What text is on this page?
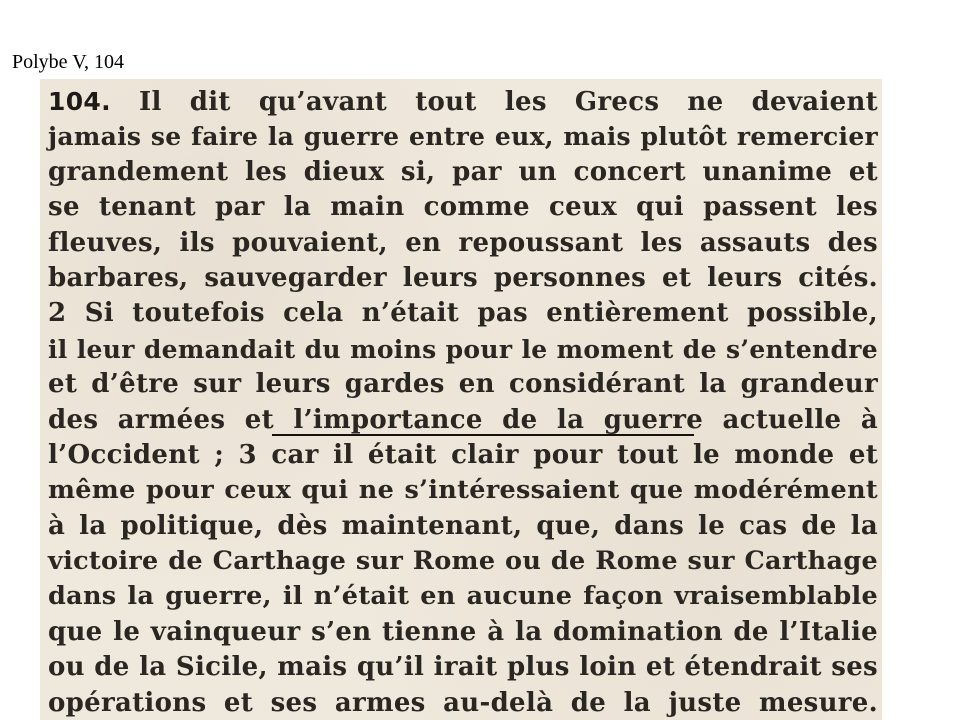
Polybe V, 104
104. Il dit qu’avant tout les Grecs ne devaient
jamais se faire la guerre entre eux, mais plutôt remercier
grandement les dieux si, par un concert unanime et
se tenant par la main comme ceux qui passent les
fleuves, ils pouvaient, en repoussant les assauts des
barbares, sauvegarder leurs personnes et leurs cités.
2 Si toutefois cela n’était pas entièrement possible,
il leur demandait du moins pour le moment de s’entendre
et d’être sur leurs gardes en considérant la grandeur
des armées et l’importance de la guerre actuelle à
l’Occident ; 3 car il était clair pour tout le monde et
même pour ceux qui ne s’intéressaient que modérément
à la politique, dès maintenant, que, dans le cas de la
victoire de Carthage sur Rome ou de Rome sur Carthage
dans la guerre, il n’était en aucune façon vraisemblable
que le vainqueur s’en tienne à la domination de l’Italie
ou de la Sicile, mais qu’il irait plus loin et étendrait ses
opérations et ses armes au-delà de la juste mesure.
